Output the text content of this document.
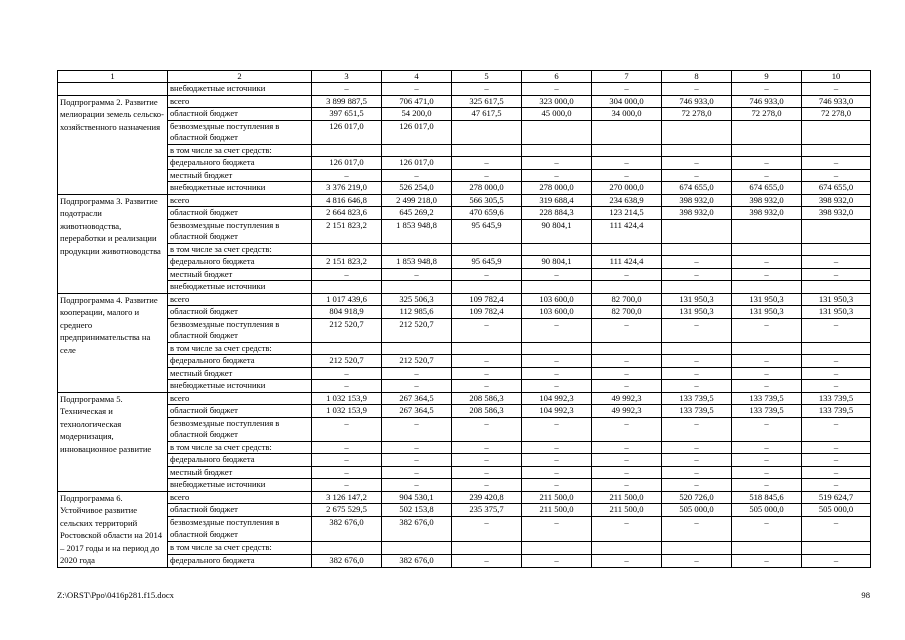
1	2	3	4	5	6	7	8	9	10
	внебюджетные источники	–	–	–	–	–	–	–	–
Подпрограмма 2. Развитие мелиорации земель сельско-хозяйственного назначения	всего	3 899 887,5	706 471,0	325 617,5	323 000,0	304 000,0	746 933,0	746 933,0	746 933,0
	областной бюджет	397 651,5	54 200,0	47 617,5	45 000,0	34 000,0	72 278,0	72 278,0	72 278,0
	безвозмездные поступления в областной бюджет	126 017,0	126 017,0						
	в том числе за счет средств:								
	федерального бюджета	126 017,0	126 017,0	–	–	–	–	–	–
	местный бюджет	–	–	–	–	–	–	–	–
	внебюджетные источники	3 376 219,0	526 254,0	278 000,0	278 000,0	270 000,0	674 655,0	674 655,0	674 655,0
Подпрограмма 3. Развитие подотрасли животноводства, переработки и реализации продукции животноводства	всего	4 816 646,8	2 499 218,0	566 305,5	319 688,4	234 638,9	398 932,0	398 932,0	398 932,0
	областной бюджет	2 664 823,6	645 269,2	470 659,6	228 884,3	123 214,5	398 932,0	398 932,0	398 932,0
	безвозмездные поступления в областной бюджет	2 151 823,2	1 853 948,8	95 645,9	90 804,1	111 424,4			
	в том числе за счет средств:								
	федерального бюджета	2 151 823,2	1 853 948,8	95 645,9	90 804,1	111 424,4	–	–	–
	местный бюджет	–	–	–	–	–	–	–	–
	внебюджетные источники								
Подпрограмма 4. Развитие кооперации, малого и среднего предпринимательства на селе	всего	1 017 439,6	325 506,3	109 782,4	103 600,0	82 700,0	131 950,3	131 950,3	131 950,3
	областной бюджет	804 918,9	112 985,6	109 782,4	103 600,0	82 700,0	131 950,3	131 950,3	131 950,3
	безвозмездные поступления в областной бюджет	212 520,7	212 520,7	–	–	–	–	–	–
	в том числе за счет средств:								
	федерального бюджета	212 520,7	212 520,7	–	–	–	–	–	–
	местный бюджет	–	–	–	–	–	–	–	–
	внебюджетные источники	–	–	–	–	–	–	–	–
Подпрограмма 5. Техническая и технологическая модернизация, инновационное развитие	всего	1 032 153,9	267 364,5	208 586,3	104 992,3	49 992,3	133 739,5	133 739,5	133 739,5
	областной бюджет	1 032 153,9	267 364,5	208 586,3	104 992,3	49 992,3	133 739,5	133 739,5	133 739,5
	безвозмездные поступления в областной бюджет	–	–	–	–	–	–	–	–
	в том числе за счет средств:	–	–	–	–	–	–	–	–
	федерального бюджета	–	–	–	–	–	–	–	–
	местный бюджет	–	–	–	–	–	–	–	–
	внебюджетные источники	–	–	–	–	–	–	–	–
Подпрограмма 6. Устойчивое развитие сельских территорий Ростовской области на 2014 – 2017 годы и на период до 2020 года	всего	3 126 147,2	904 530,1	239 420,8	211 500,0	211 500,0	520 726,0	518 845,6	519 624,7
	областной бюджет	2 675 529,5	502 153,8	235 375,7	211 500,0	211 500,0	505 000,0	505 000,0	505 000,0
	безвозмездные поступления в областной бюджет	382 676,0	382 676,0	–	–	–	–	–	–
	в том числе за счет средств:								
	федерального бюджета	382 676,0	382 676,0	–	–	–	–	–	–
Z:\ORST\Ppo\0416p281.f15.docx	98
